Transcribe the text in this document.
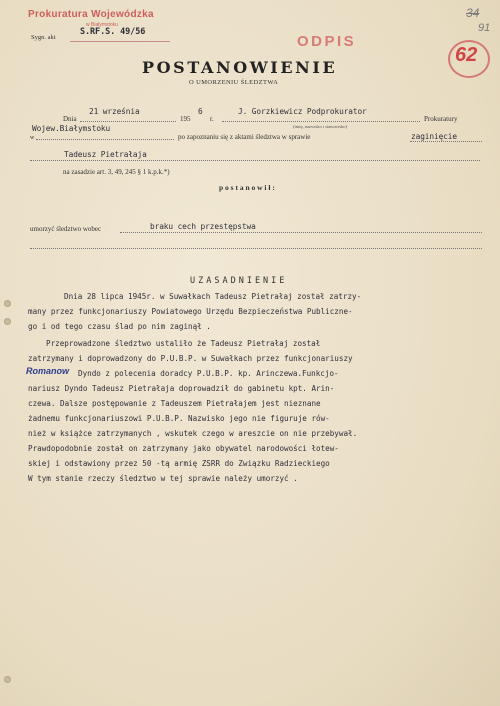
Prokuratura Wojewódzka
w Białymstoku
Sygn. akt
S.RF.S. 49/56
ODPIS
34
91
62
POSTANOWIENIE
O UMORZENIU ŚLEDZTWA
Dnia
21 września
195
6
r.
J. Gorzkiewicz Podprokurator
(imię, nazwisko i stanowisko)
Prokuratury
Wojew.Białymstoku
w	po zapoznaniu się z aktami śledztwa w sprawie	zaginięcie
Tadeusz Pietrałaja
na zasadzie art. 3, 49, 245 § 1 k.p.k.*)
p o s t a n o w i ł :
umorzyć śledztwo wobec	braku cech przestępstwa
UZASADNIENIE
Dnia 28 lipca 1945r. w Suwałkach Tadeusz Pietrałaj został zatrzy-
many przez funkcjonariuszy Powiatowego Urzędu Bezpieczeństwa Publiczne-
go i od tego czasu ślad po nim zaginął .
Przeprowadzone śledztwo ustaliło że Tadeusz Pietrałaj został
zatrzymany i doprowadzony do P.U.B.P. w Suwałkach przez funkcjonariuszy
Romanow Dyndo z polecenia doradcy P.U.B.P. kp. Arinczewa.Funkcjo-
nariusz Dyndo Tadeusz Pietrałaja doprowadził do gabinetu kpt. Arin-
czewa. Dalsze postępowanie z Tadeuszem Pietrałajem jest nieznane
żadnemu funkcjonariuszowi P.U.B.P. Nazwisko jego nie figuruje rów-
nież w książce zatrzymanych , wskutek czego w areszcie on nie przebywał.
Prawdopodobnie został on zatrzymany jako obywatel narodowości łotew-
skiej i odstawiony przez 50 -tą armię ZSRR do Związku Radzieckiego
W tym stanie rzeczy śledztwo w tej sprawie należy umorzyć .
